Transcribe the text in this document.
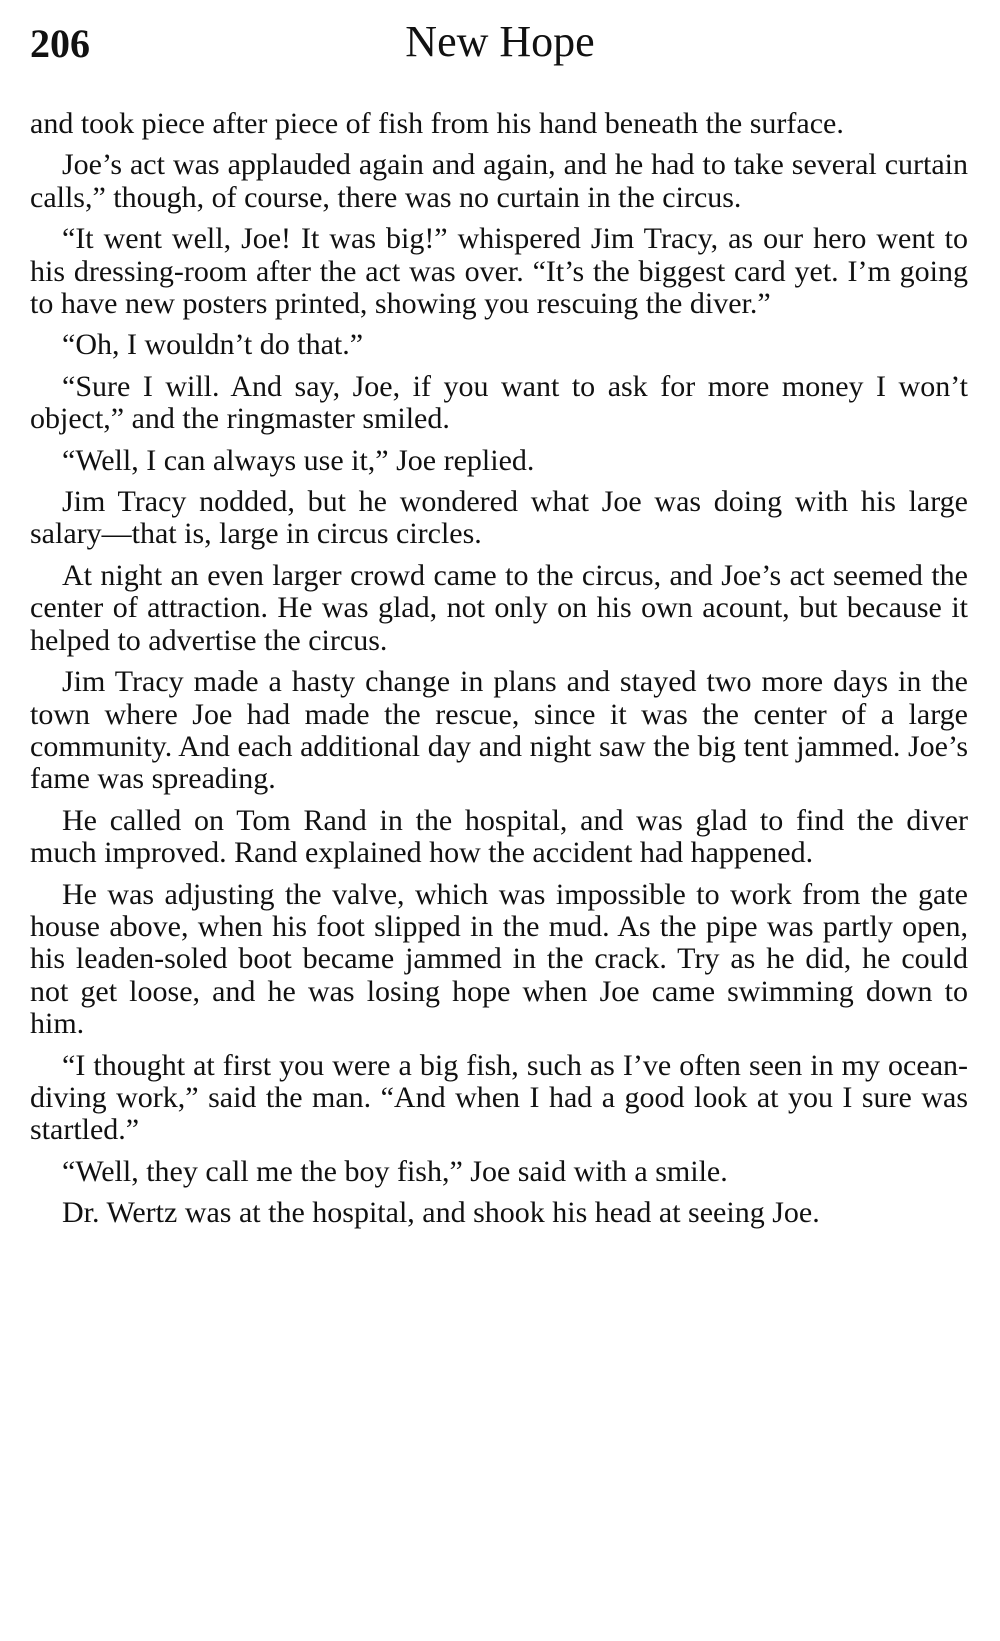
206	New Hope

and took piece after piece of fish from his hand beneath the surface.

Joe’s act was applauded again and again, and he had to take several curtain calls,” though, of course, there was no curtain in the circus.

“It went well, Joe! It was big!” whispered Jim Tracy, as our hero went to his dressing-room after the act was over. “It’s the biggest card yet. I’m going to have new posters printed, showing you rescuing the diver.”

“Oh, I wouldn’t do that.”

“Sure I will. And say, Joe, if you want to ask for more money I won’t object,” and the ringmaster smiled.

“Well, I can always use it,” Joe replied.

Jim Tracy nodded, but he wondered what Joe was doing with his large salary—that is, large in circus circles.

At night an even larger crowd came to the circus, and Joe’s act seemed the center of attraction. He was glad, not only on his own acount, but because it helped to advertise the circus.

Jim Tracy made a hasty change in plans and stayed two more days in the town where Joe had made the rescue, since it was the center of a large community. And each additional day and night saw the big tent jammed. Joe’s fame was spreading.

He called on Tom Rand in the hospital, and was glad to find the diver much improved. Rand explained how the accident had happened.

He was adjusting the valve, which was impossible to work from the gate house above, when his foot slipped in the mud. As the pipe was partly open, his leaden-soled boot became jammed in the crack. Try as he did, he could not get loose, and he was losing hope when Joe came swimming down to him.

“I thought at first you were a big fish, such as I’ve often seen in my ocean-diving work,” said the man. “And when I had a good look at you I sure was startled.”

“Well, they call me the boy fish,” Joe said with a smile.

Dr. Wertz was at the hospital, and shook his head at seeing Joe.
